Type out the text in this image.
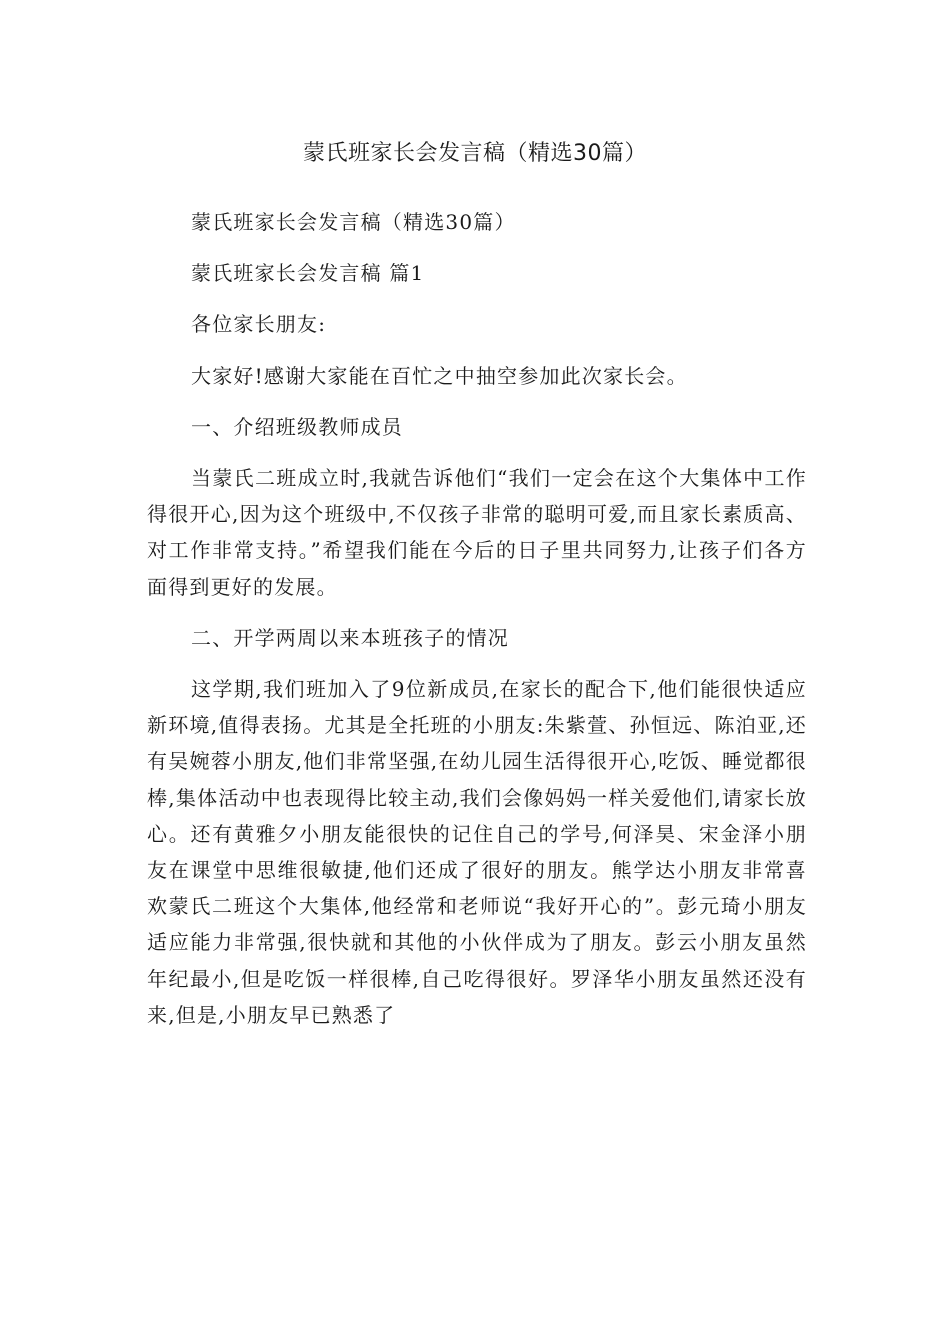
蒙氏班家长会发言稿（精选30篇）

蒙氏班家长会发言稿（精选30篇）

蒙氏班家长会发言稿 篇1

各位家长朋友:

大家好!感谢大家能在百忙之中抽空参加此次家长会。

一、介绍班级教师成员

当蒙氏二班成立时,我就告诉他们“我们一定会在这个大集体中工作得很开心,因为这个班级中,不仅孩子非常的聪明可爱,而且家长素质高、对工作非常支持。”希望我们能在今后的日子里共同努力,让孩子们各方面得到更好的发展。

二、开学两周以来本班孩子的情况

这学期,我们班加入了9位新成员,在家长的配合下,他们能很快适应新环境,值得表扬。尤其是全托班的小朋友:朱紫萱、孙恒远、陈泊亚,还有吴婉蓉小朋友,他们非常坚强,在幼儿园生活得很开心,吃饭、睡觉都很棒,集体活动中也表现得比较主动,我们会像妈妈一样关爱他们,请家长放心。还有黄雅夕小朋友能很快的记住自己的学号,何泽昊、宋金泽小朋友在课堂中思维很敏捷,他们还成了很好的朋友。熊学达小朋友非常喜欢蒙氏二班这个大集体,他经常和老师说“我好开心的”。彭元琦小朋友适应能力非常强,很快就和其他的小伙伴成为了朋友。彭云小朋友虽然年纪最小,但是吃饭一样很棒,自己吃得很好。罗泽华小朋友虽然还没有来,但是,小朋友早已熟悉了
